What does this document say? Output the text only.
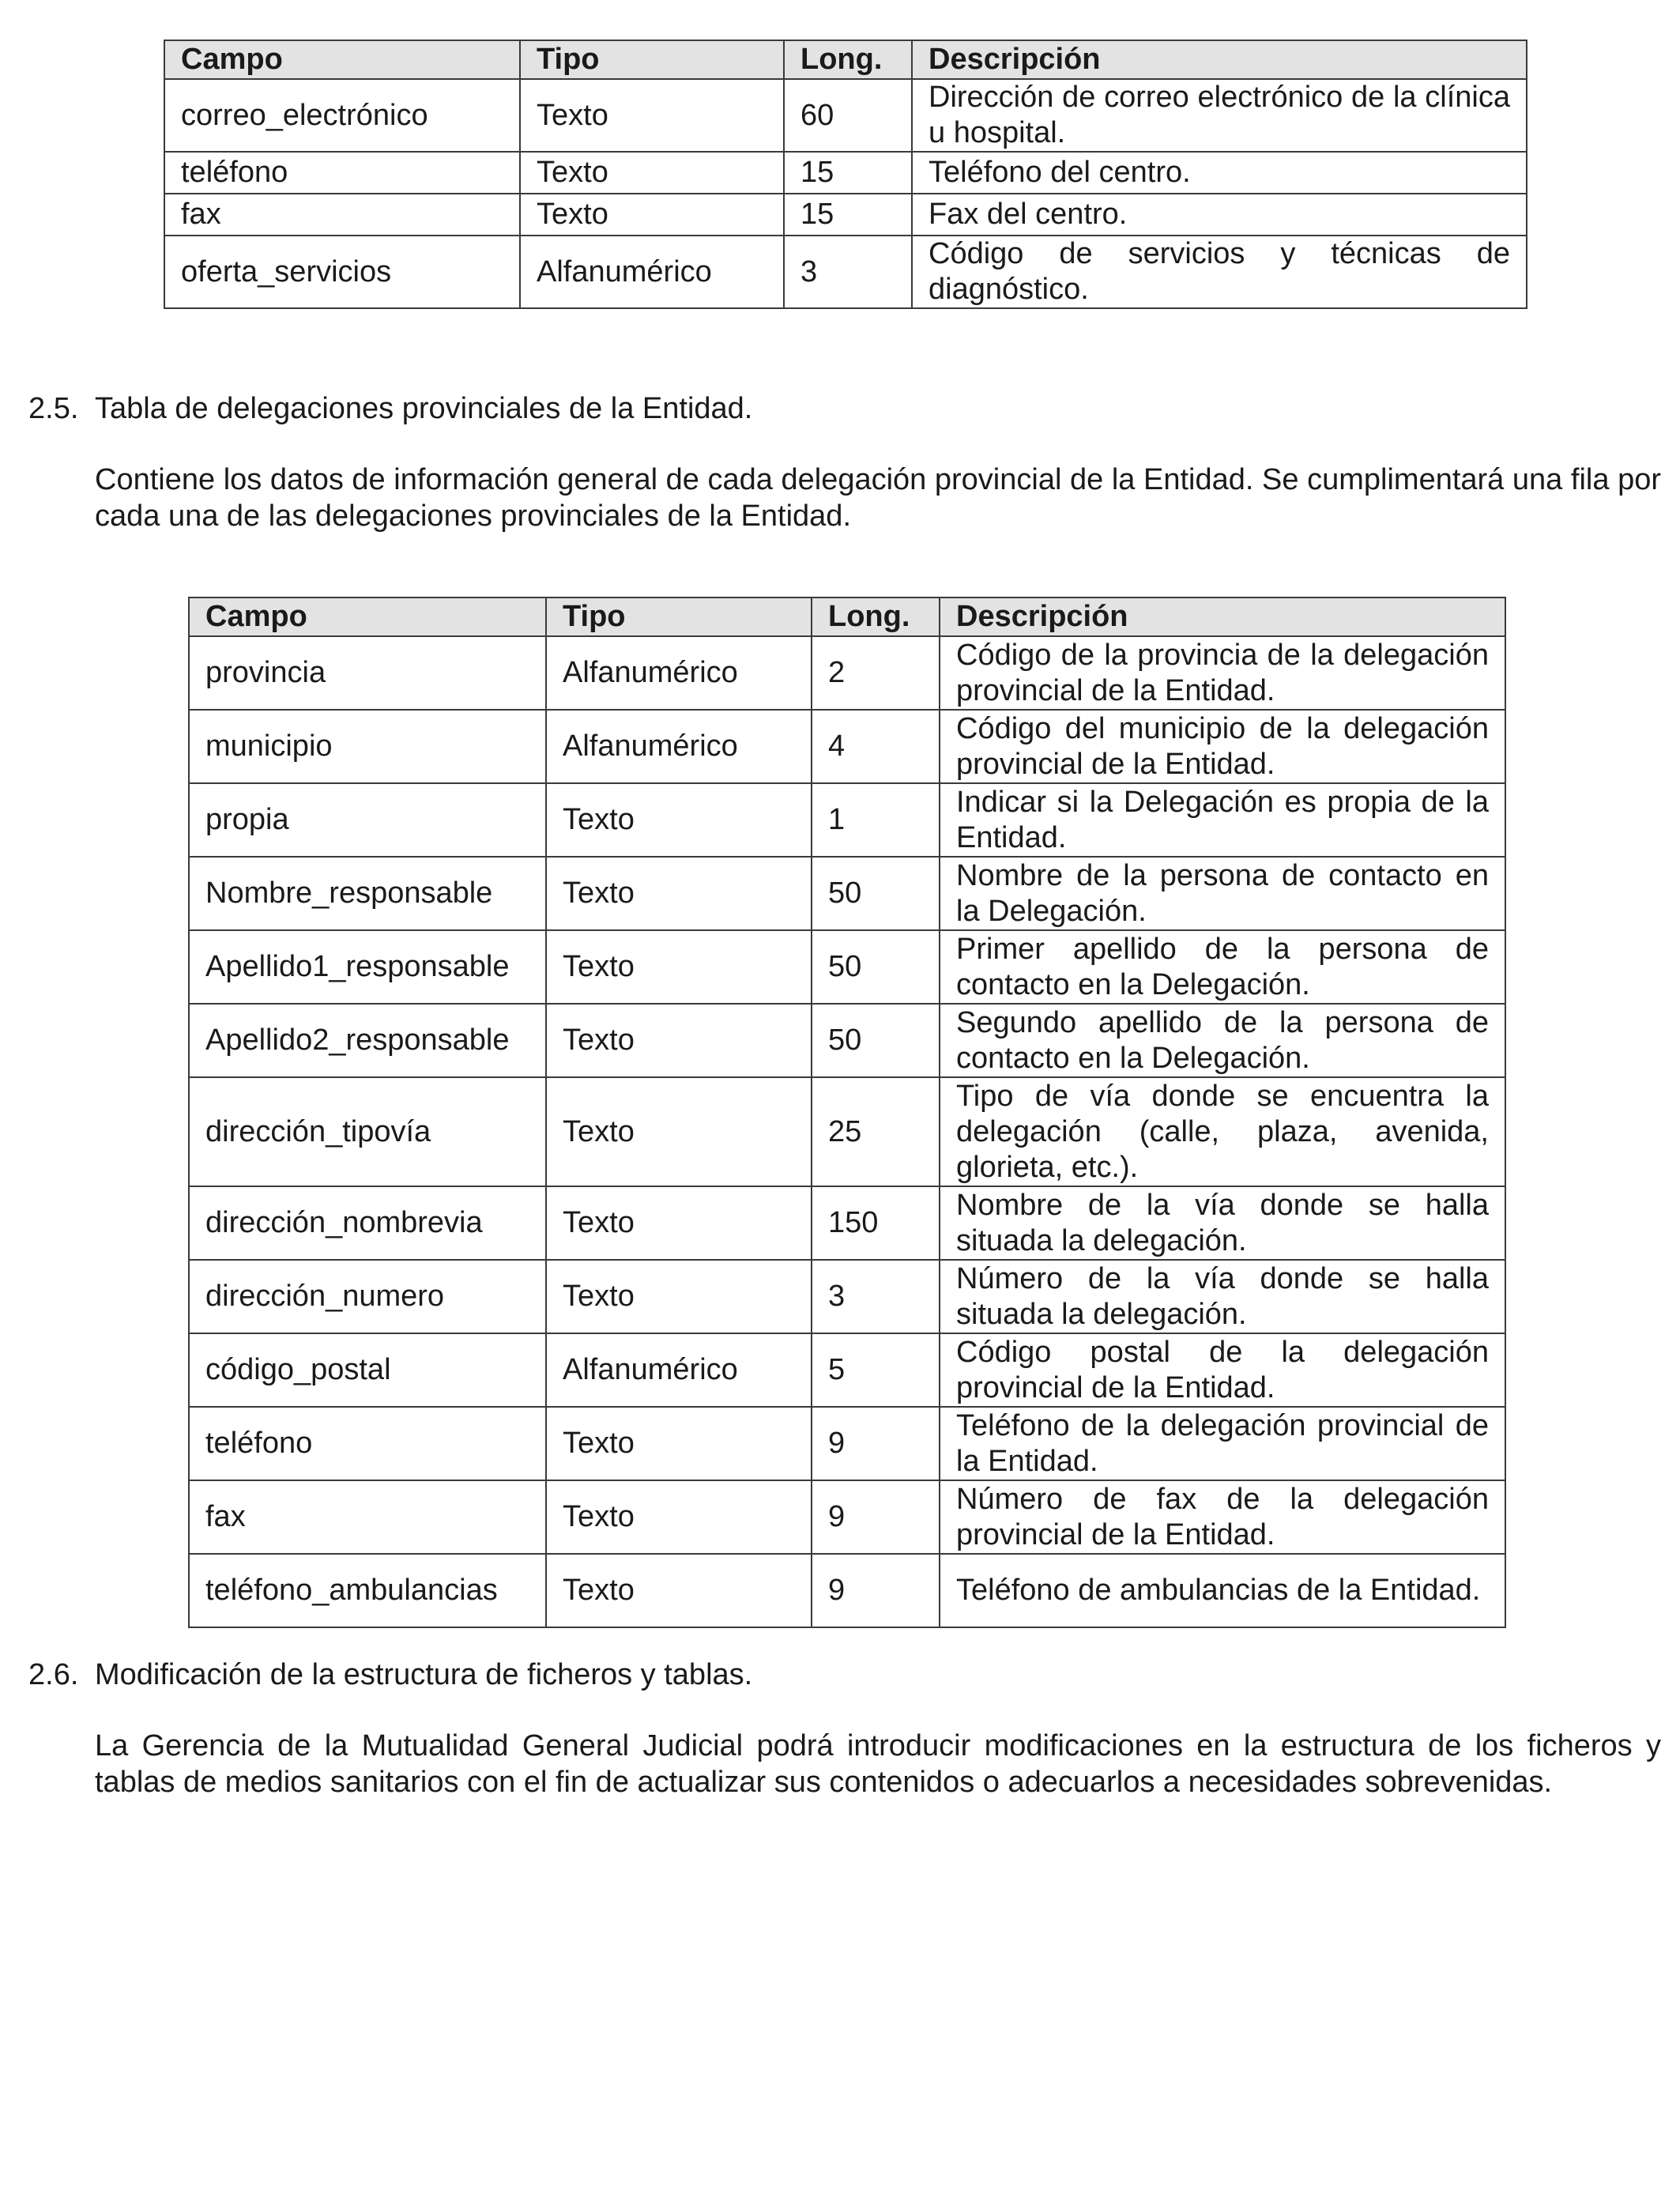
Campo	Tipo	Long.	Descripción
correo_electrónico	Texto	60	Dirección de correo electrónico de la clínica u hospital.
teléfono	Texto	15	Teléfono del centro.
fax	Texto	15	Fax del centro.
oferta_servicios	Alfanumérico	3	Código de servicios y técnicas de diagnóstico.
2.5. Tabla de delegaciones provinciales de la Entidad.
Contiene los datos de información general de cada delegación provincial de la Entidad. Se cumplimentará una fila por cada una de las delegaciones provinciales de la Entidad.
Campo	Tipo	Long.	Descripción
provincia	Alfanumérico	2	Código de la provincia de la delegación provincial de la Entidad.
municipio	Alfanumérico	4	Código del municipio de la delegación provincial de la Entidad.
propia	Texto	1	Indicar si la Delegación es propia de la Entidad.
Nombre_responsable	Texto	50	Nombre de la persona de contacto en la Delegación.
Apellido1_responsable	Texto	50	Primer apellido de la persona de contacto en la Delegación.
Apellido2_responsable	Texto	50	Segundo apellido de la persona de contacto en la Delegación.
dirección_tipovía	Texto	25	Tipo de vía donde se encuentra la delegación (calle, plaza, avenida, glorieta, etc.).
dirección_nombrevia	Texto	150	Nombre de la vía donde se halla situada la delegación.
dirección_numero	Texto	3	Número de la vía donde se halla situada la delegación.
código_postal	Alfanumérico	5	Código postal de la delegación provincial de la Entidad.
teléfono	Texto	9	Teléfono de la delegación provincial de la Entidad.
fax	Texto	9	Número de fax de la delegación provincial de la Entidad.
teléfono_ambulancias	Texto	9	Teléfono de ambulancias de la Entidad.
2.6. Modificación de la estructura de ficheros y tablas.
La Gerencia de la Mutualidad General Judicial podrá introducir modificaciones en la estructura de los ficheros y tablas de medios sanitarios con el fin de actualizar sus contenidos o adecuarlos a necesidades sobrevenidas.
